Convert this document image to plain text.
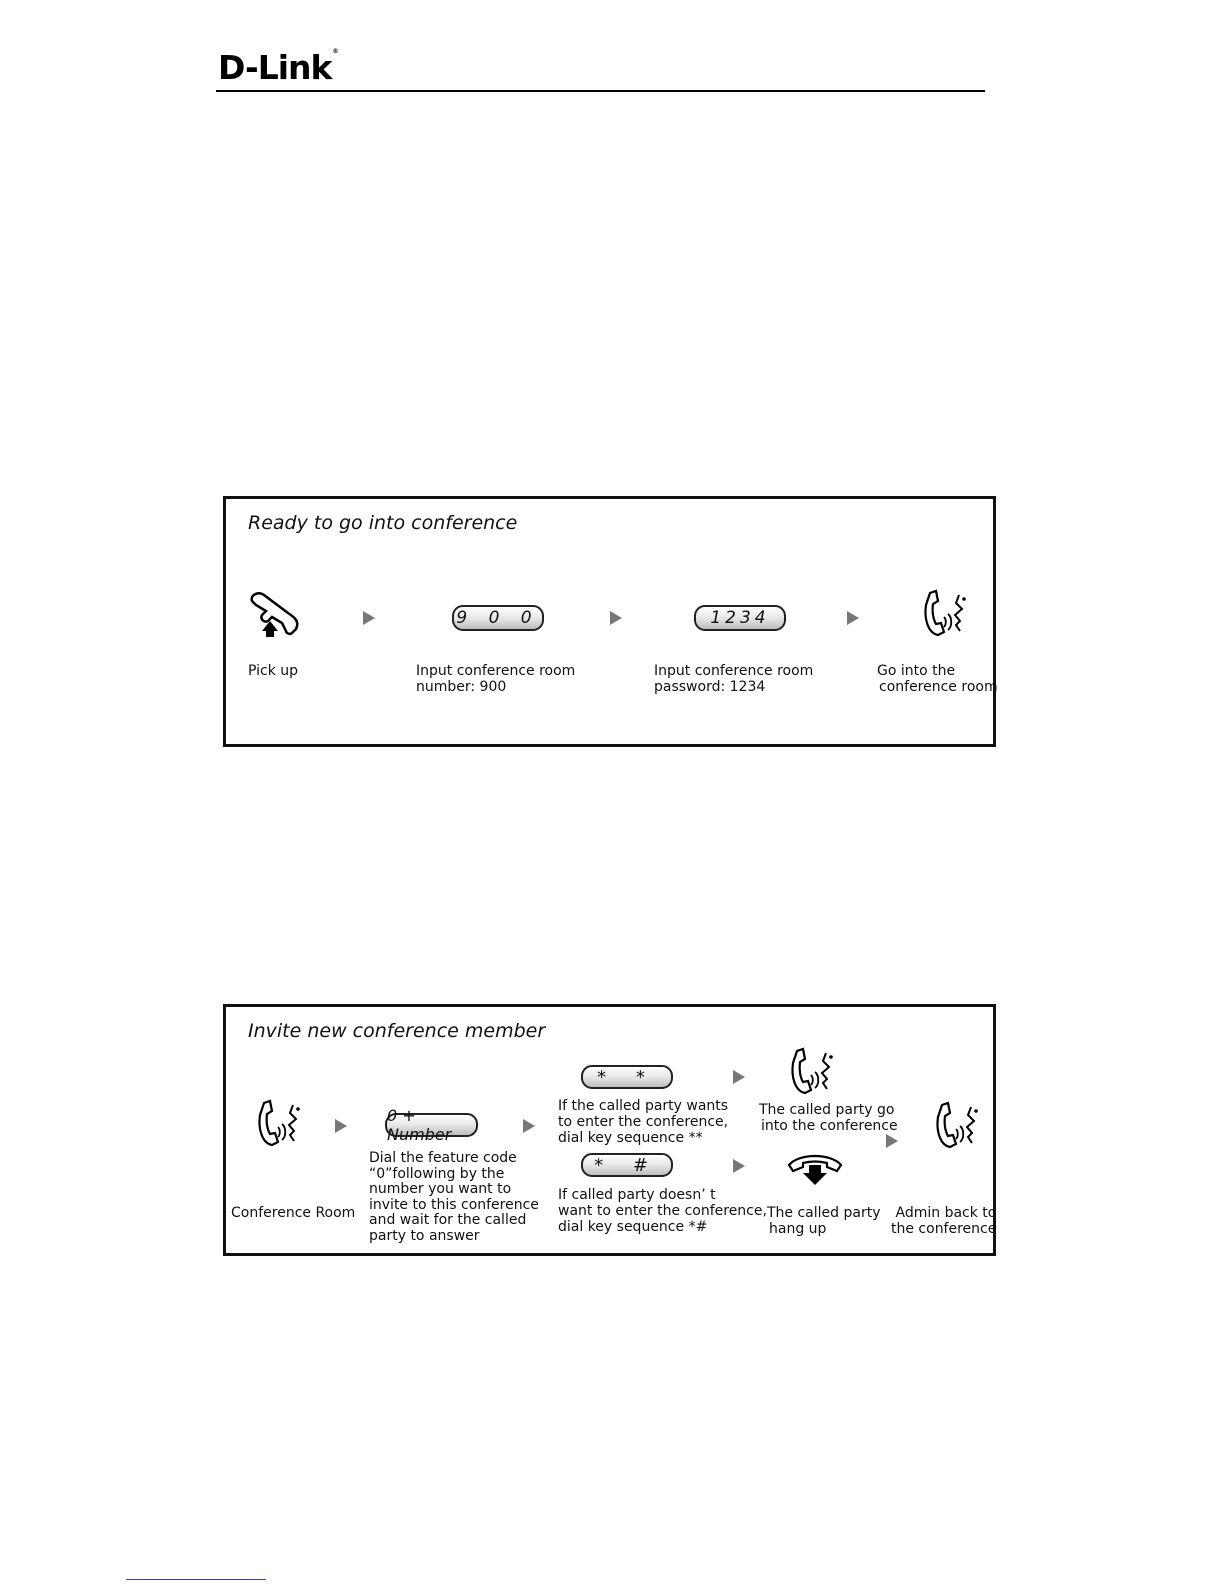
D-Link®
Ready to go into conference
Pick up
9 0 0
Input conference room
number: 900
1234
Input conference room
password: 1234
Go into the
conference room
Invite new conference member
Conference Room
0 + Number
Dial the feature code
“0”following by the
number you want to
invite to this conference
and wait for the called
party to answer
* *
If the called party wants
to enter the conference,
dial key sequence **
The called party go
into the conference
* #
If called party doesn’ t
want to enter the conference,
dial key sequence *#
The called party
hang up
Admin back to
the conference
